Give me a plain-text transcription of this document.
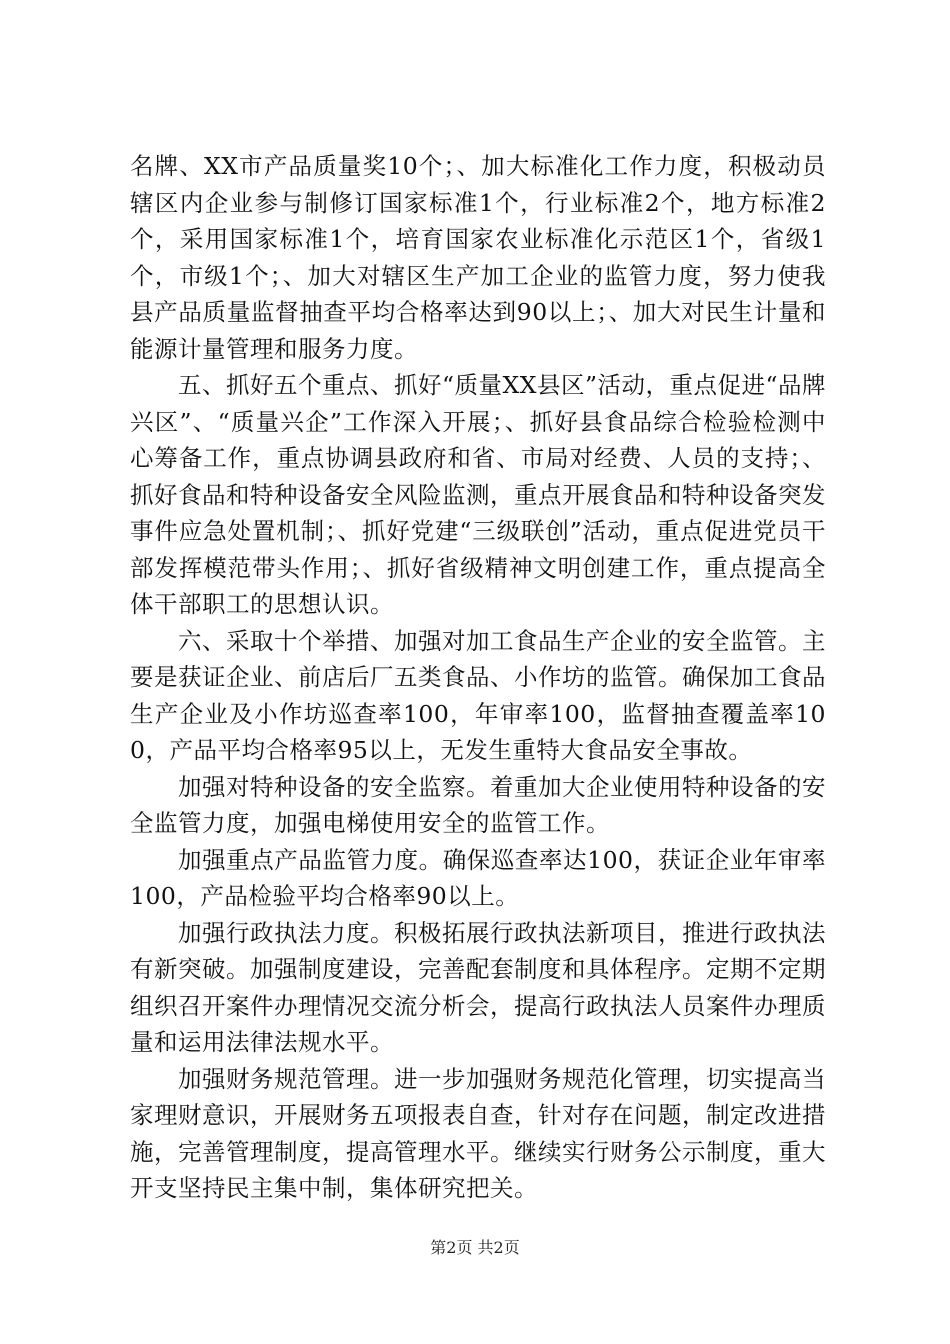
名牌、XX市产品质量奖10个；、加大标准化工作力度，积极动员辖区内企业参与制修订国家标准1个，行业标准2个，地方标准2个，采用国家标准1个，培育国家农业标准化示范区1个，省级1个，市级1个；、加大对辖区生产加工企业的监管力度，努力使我县产品质量监督抽查平均合格率达到90以上；、加大对民生计量和能源计量管理和服务力度。

五、抓好五个重点、抓好“质量XX县区”活动，重点促进“品牌兴区”、“质量兴企”工作深入开展；、抓好县食品综合检验检测中心筹备工作，重点协调县政府和省、市局对经费、人员的支持；、抓好食品和特种设备安全风险监测，重点开展食品和特种设备突发事件应急处置机制；、抓好党建“三级联创”活动，重点促进党员干部发挥模范带头作用；、抓好省级精神文明创建工作，重点提高全体干部职工的思想认识。

六、采取十个举措、加强对加工食品生产企业的安全监管。主要是获证企业、前店后厂五类食品、小作坊的监管。确保加工食品生产企业及小作坊巡查率100，年审率100，监督抽查覆盖率100，产品平均合格率95以上，无发生重特大食品安全事故。

加强对特种设备的安全监察。着重加大企业使用特种设备的安全监管力度，加强电梯使用安全的监管工作。

加强重点产品监管力度。确保巡查率达100，获证企业年审率100，产品检验平均合格率90以上。

加强行政执法力度。积极拓展行政执法新项目，推进行政执法有新突破。加强制度建设，完善配套制度和具体程序。定期不定期组织召开案件办理情况交流分析会，提高行政执法人员案件办理质量和运用法律法规水平。

加强财务规范管理。进一步加强财务规范化管理，切实提高当家理财意识，开展财务五项报表自查，针对存在问题，制定改进措施，完善管理制度，提高管理水平。继续实行财务公示制度，重大开支坚持民主集中制，集体研究把关。

第2页 共2页
